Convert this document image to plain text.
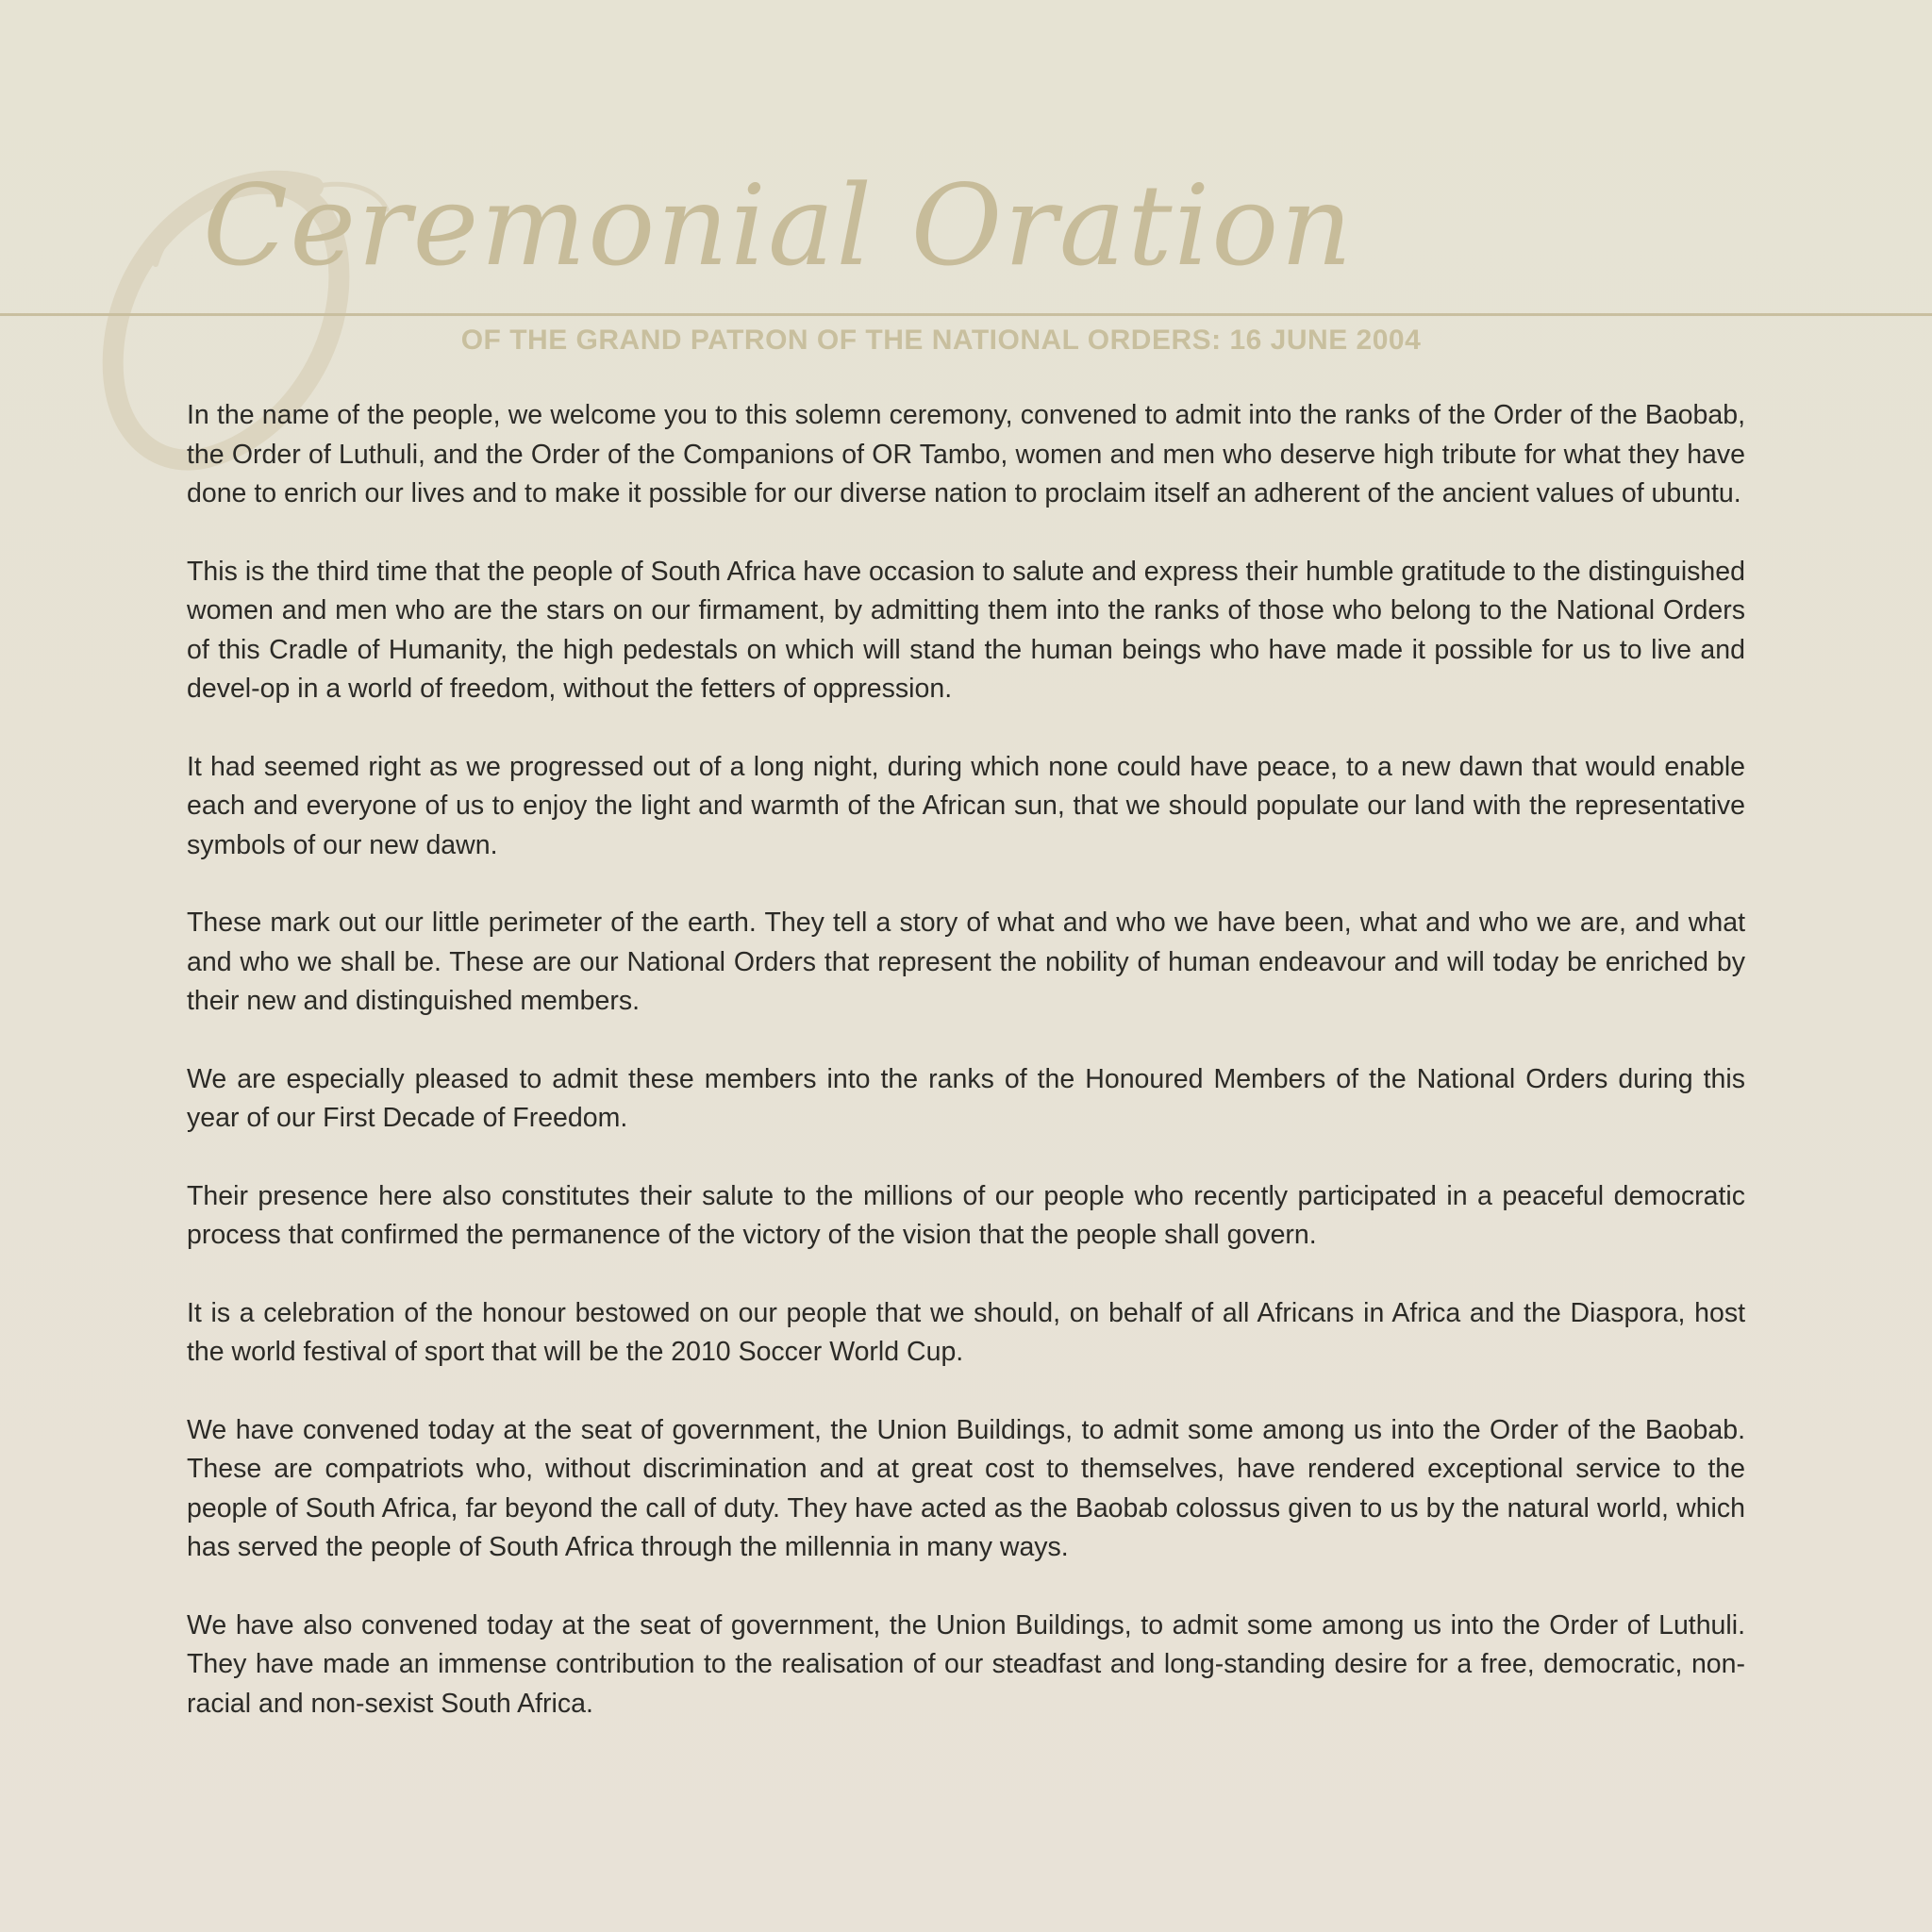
Ceremonial Oration
OF THE GRAND PATRON OF THE NATIONAL ORDERS: 16 JUNE 2004

In the name of the people, we welcome you to this solemn ceremony, convened to admit into the ranks of the Order of the Baobab, the Order of Luthuli, and the Order of the Companions of OR Tambo, women and men who deserve high tribute for what they have done to enrich our lives and to make it possible for our diverse nation to proclaim itself an adherent of the ancient values of ubuntu.

This is the third time that the people of South Africa have occasion to salute and express their humble gratitude to the distinguished women and men who are the stars on our firmament, by admitting them into the ranks of those who belong to the National Orders of this Cradle of Humanity, the high pedestals on which will stand the human beings who have made it possible for us to live and devel-op in a world of freedom, without the fetters of oppression.

It had seemed right as we progressed out of a long night, during which none could have peace, to a new dawn that would enable each and everyone of us to enjoy the light and warmth of the African sun, that we should populate our land with the representative symbols of our new dawn.

These mark out our little perimeter of the earth. They tell a story of what and who we have been, what and who we are, and what and who we shall be. These are our National Orders that represent the nobility of human endeavour and will today be enriched by their new and distinguished members.

We are especially pleased to admit these members into the ranks of the Honoured Members of the National Orders during this year of our First Decade of Freedom.

Their presence here also constitutes their salute to the millions of our people who recently participated in a peaceful democratic process that confirmed the permanence of the victory of the vision that the people shall govern.

It is a celebration of the honour bestowed on our people that we should, on behalf of all Africans in Africa and the Diaspora, host the world festival of sport that will be the 2010 Soccer World Cup.

We have convened today at the seat of government, the Union Buildings, to admit some among us into the Order of the Baobab. These are compatriots who, without discrimination and at great cost to themselves, have rendered exceptional service to the people of South Africa, far beyond the call of duty. They have acted as the Baobab colossus given to us by the natural world, which has served the people of South Africa through the millennia in many ways.

We have also convened today at the seat of government, the Union Buildings, to admit some among us into the Order of Luthuli. They have made an immense contribution to the realisation of our steadfast and long-standing desire for a free, democratic, non-racial and non-sexist South Africa.
